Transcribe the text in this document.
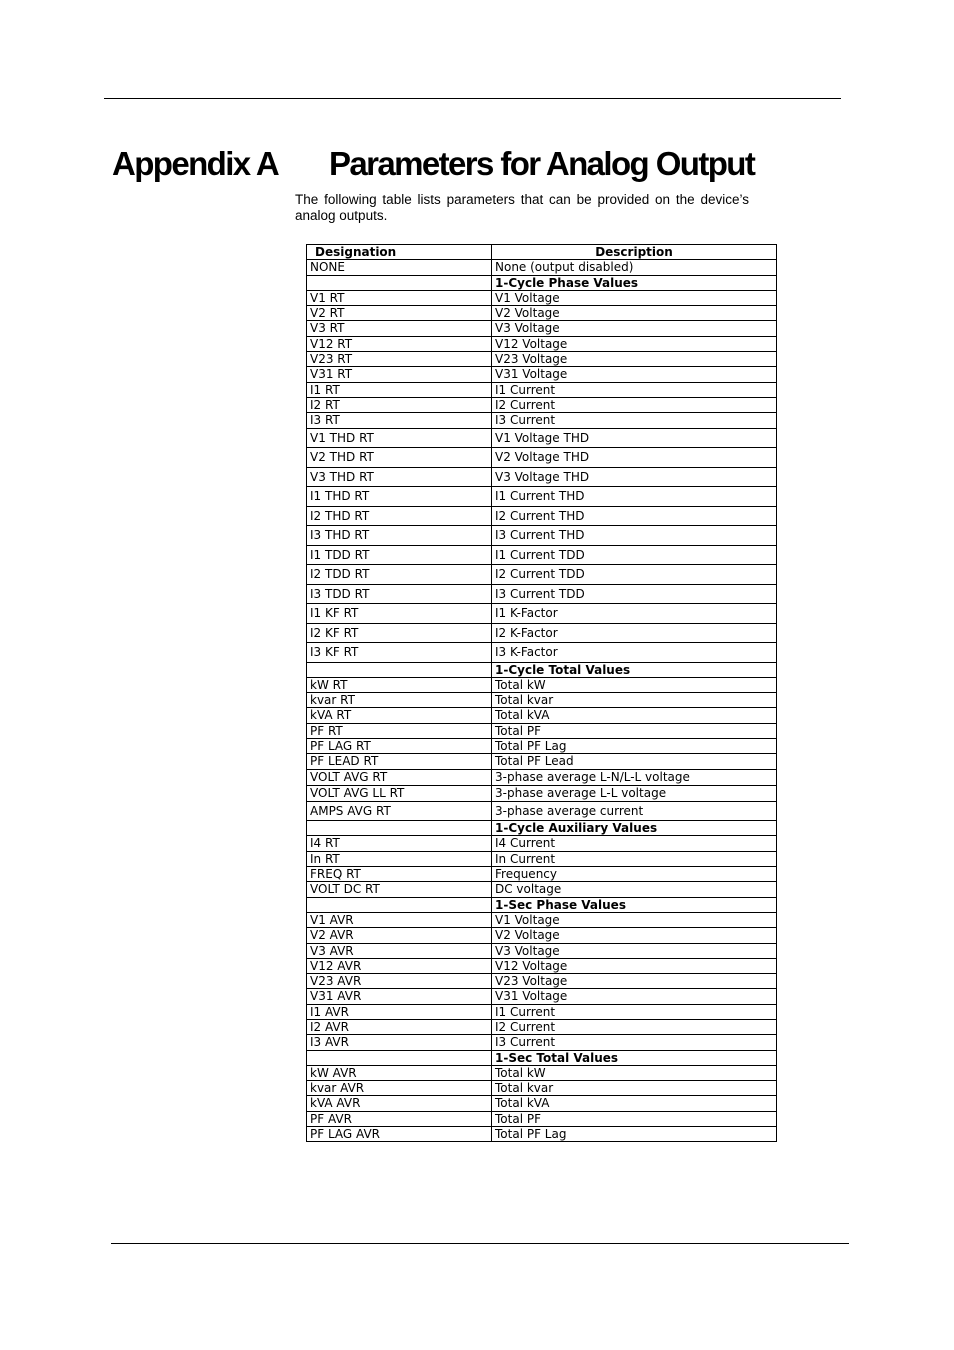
Appendix A Parameters for Analog Output

The following table lists parameters that can be provided on the device’s analog outputs.

Designation	Description
NONE	None (output disabled)
	1-Cycle Phase Values
V1 RT	V1 Voltage
V2 RT	V2 Voltage
V3 RT	V3 Voltage
V12 RT	V12 Voltage
V23 RT	V23 Voltage
V31 RT	V31 Voltage
I1 RT	I1 Current
I2 RT	I2 Current
I3 RT	I3 Current
V1 THD RT	V1 Voltage THD
V2 THD RT	V2 Voltage THD
V3 THD RT	V3 Voltage THD
I1 THD RT	I1 Current THD
I2 THD RT	I2 Current THD
I3 THD RT	I3 Current THD
I1 TDD RT	I1 Current TDD
I2 TDD RT	I2 Current TDD
I3 TDD RT	I3 Current TDD
I1 KF RT	I1 K-Factor
I2 KF RT	I2 K-Factor
I3 KF RT	I3 K-Factor
	1-Cycle Total Values
kW RT	Total kW
kvar RT	Total kvar
kVA RT	Total kVA
PF RT	Total PF
PF LAG RT	Total PF Lag
PF LEAD RT	Total PF Lead
VOLT AVG RT	3-phase average L-N/L-L voltage
VOLT AVG LL RT	3-phase average L-L voltage
AMPS AVG RT	3-phase average current
	1-Cycle Auxiliary Values
I4 RT	I4 Current
In RT	In Current
FREQ RT	Frequency
VOLT DC RT	DC voltage
	1-Sec Phase Values
V1 AVR	V1 Voltage
V2 AVR	V2 Voltage
V3 AVR	V3 Voltage
V12 AVR	V12 Voltage
V23 AVR	V23 Voltage
V31 AVR	V31 Voltage
I1 AVR	I1 Current
I2 AVR	I2 Current
I3 AVR	I3 Current
	1-Sec Total Values
kW AVR	Total kW
kvar AVR	Total kvar
kVA AVR	Total kVA
PF AVR	Total PF
PF LAG AVR	Total PF Lag
